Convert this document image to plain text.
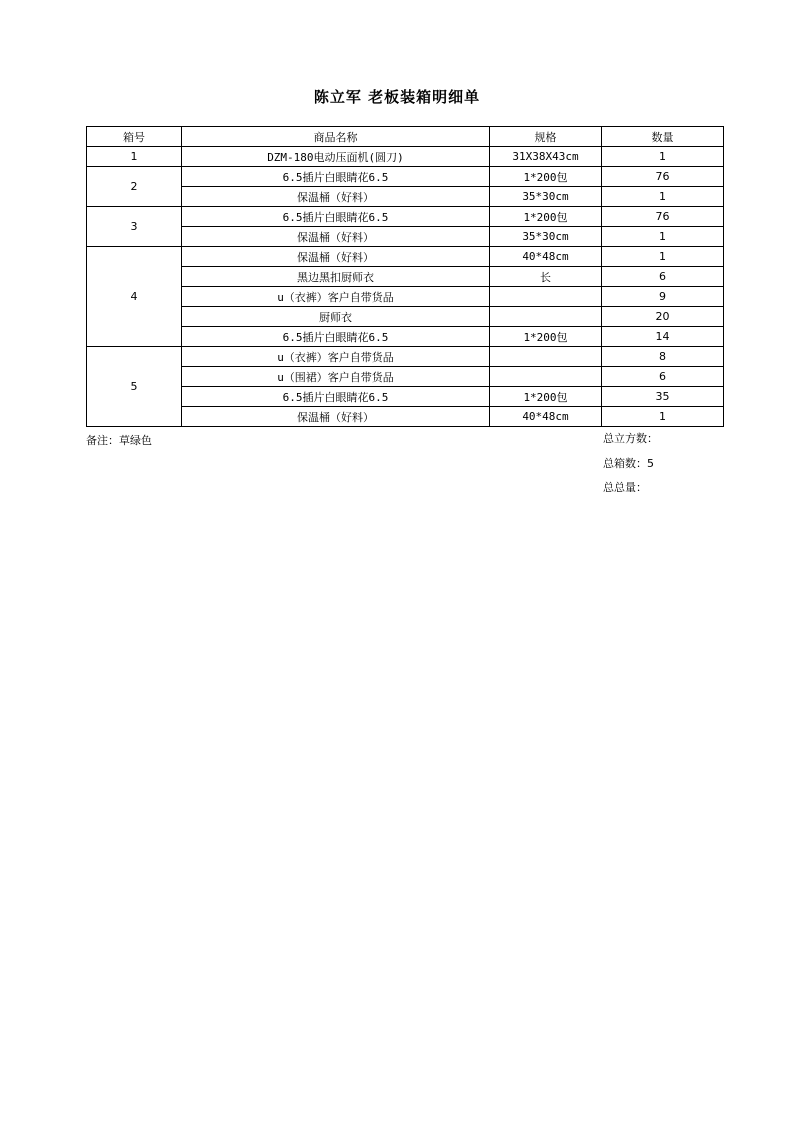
陈立军 老板装箱明细单
箱号	商品名称	规格	数量
1	DZM-180电动压面机(圆刀)	31X38X43cm	1
2	6.5插片白眼睛花6.5	1*200包	76
	保温桶（好料）	35*30cm	1
3	6.5插片白眼睛花6.5	1*200包	76
	保温桶（好料）	35*30cm	1
4	保温桶（好料）	40*48cm	1
	黑边黑扣厨师衣	长	6
	u（衣裤）客户自带货品		9
	厨师衣		20
	6.5插片白眼睛花6.5	1*200包	14
5	u（衣裤）客户自带货品		8
	u（围裙）客户自带货品		6
	6.5插片白眼睛花6.5	1*200包	35
	保温桶（好料）	40*48cm	1
备注：草绿色	总立方数：
总箱数：5
总总量：
